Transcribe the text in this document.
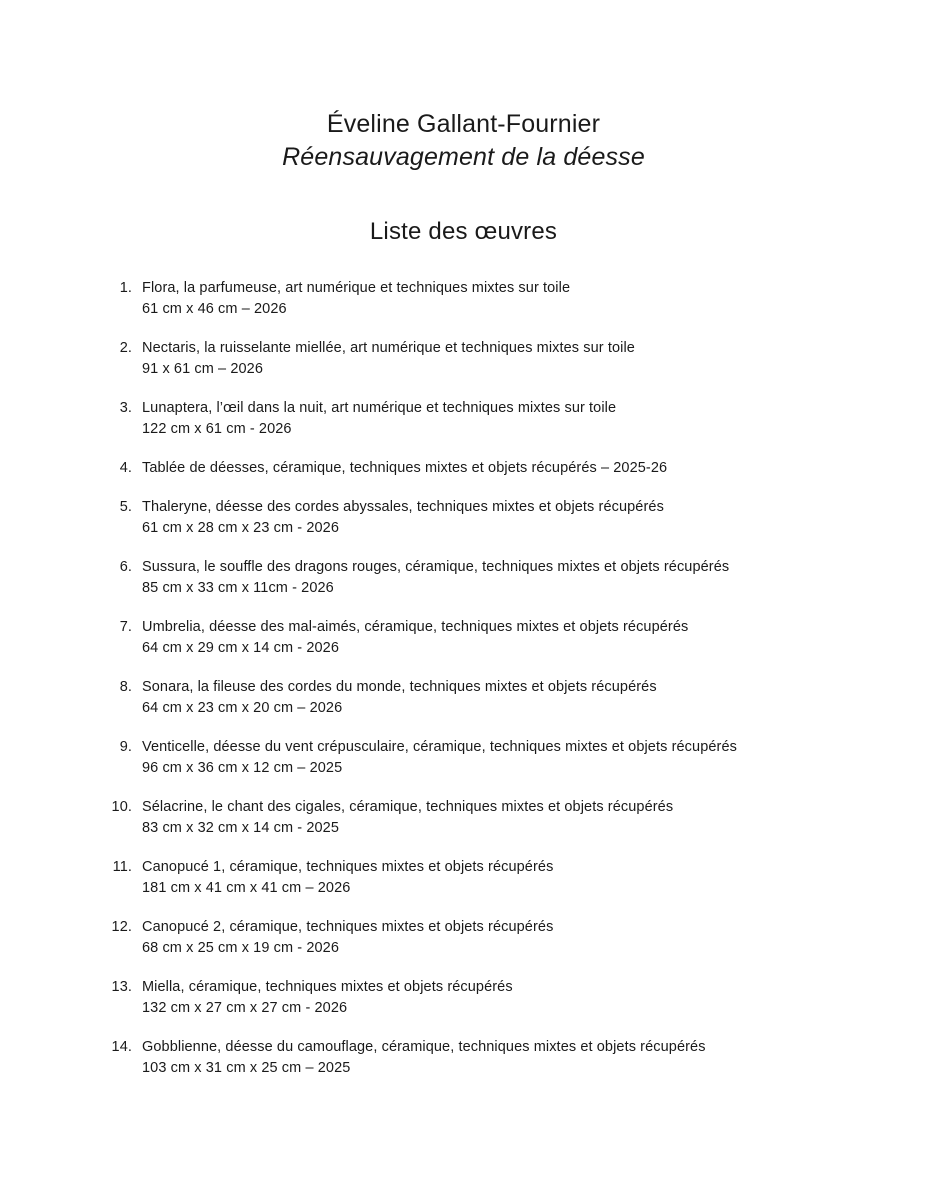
Éveline Gallant-Fournier
Réensauvagement de la déesse
Liste des œuvres
1. Flora, la parfumeuse, art numérique et techniques mixtes sur toile
61 cm x 46 cm – 2026
2. Nectaris, la ruisselante miellée, art numérique et techniques mixtes sur toile
91 x 61 cm – 2026
3. Lunaptera, l’œil dans la nuit, art numérique et techniques mixtes sur toile
122 cm x 61 cm - 2026
4. Tablée de déesses, céramique, techniques mixtes et objets récupérés – 2025-26
5. Thaleryne, déesse des cordes abyssales, techniques mixtes et objets récupérés
61 cm x 28 cm x 23 cm - 2026
6. Sussura, le souffle des dragons rouges, céramique, techniques mixtes et objets récupérés
85 cm x 33 cm x 11cm - 2026
7. Umbrelia, déesse des mal-aimés, céramique, techniques mixtes et objets récupérés
64 cm x 29 cm x 14 cm - 2026
8. Sonara, la fileuse des cordes du monde, techniques mixtes et objets récupérés
64 cm x 23 cm x 20 cm – 2026
9. Venticelle, déesse du vent crépusculaire, céramique, techniques mixtes et objets récupérés
96 cm x 36 cm x 12 cm – 2025
10. Sélacrine, le chant des cigales, céramique, techniques mixtes et objets récupérés
83 cm x 32 cm x 14 cm - 2025
11. Canopucé 1, céramique, techniques mixtes et objets récupérés
181 cm x 41 cm x 41 cm – 2026
12. Canopucé 2, céramique, techniques mixtes et objets récupérés
68 cm x 25 cm x 19 cm - 2026
13. Miella, céramique, techniques mixtes et objets récupérés
132 cm x 27 cm x 27 cm - 2026
14. Gobblienne, déesse du camouflage, céramique, techniques mixtes et objets récupérés
103 cm x 31 cm x 25 cm – 2025
